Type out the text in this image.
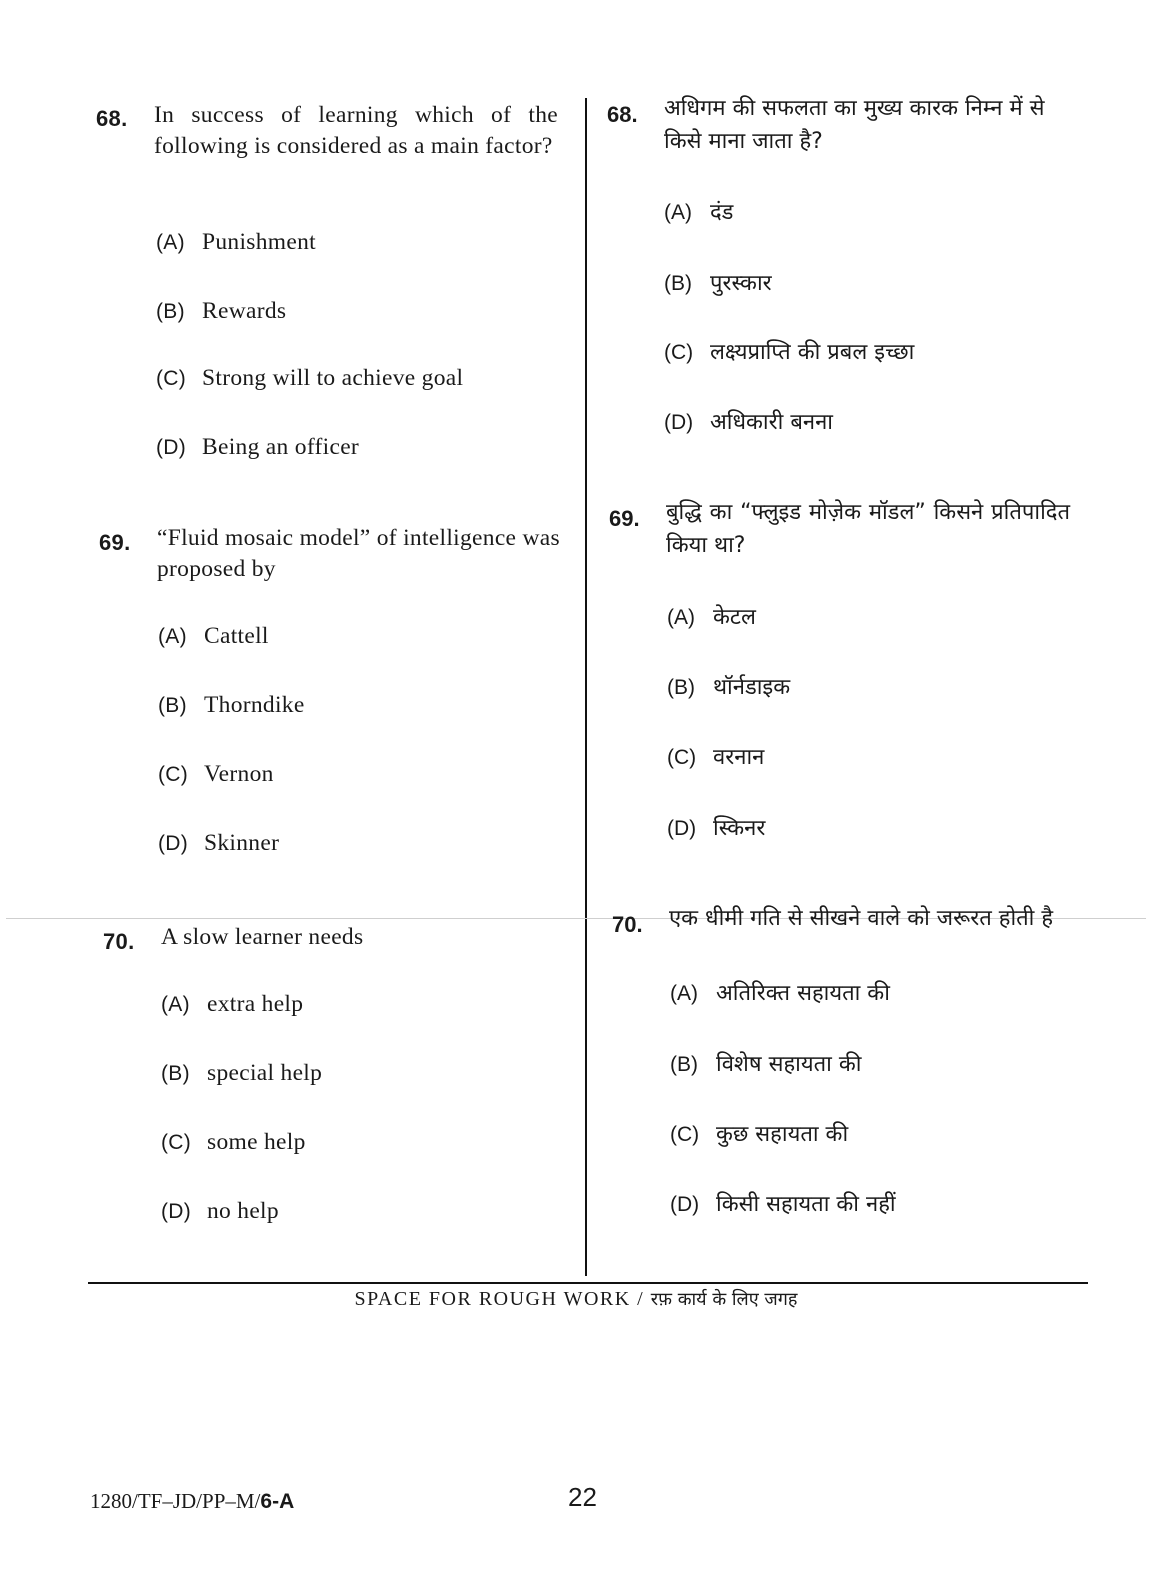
68. In success of learning which of the following is considered as a main factor?
(A) Punishment
(B) Rewards
(C) Strong will to achieve goal
(D) Being an officer
69. “Fluid mosaic model” of intelligence was proposed by
(A) Cattell
(B) Thorndike
(C) Vernon
(D) Skinner
70. A slow learner needs
(A) extra help
(B) special help
(C) some help
(D) no help
68. अधिगम की सफलता का मुख्य कारक निम्न में से किसे माना जाता है?
(A) दंड
(B) पुरस्कार
(C) लक्ष्यप्राप्ति की प्रबल इच्छा
(D) अधिकारी बनना
69. बुद्धि का “फ्लुइड मोज़ेक मॉडल” किसने प्रतिपादित किया था?
(A) केटल
(B) थॉर्नडाइक
(C) वरनान
(D) स्किनर
70. एक धीमी गति से सीखने वाले को जरूरत होती है
(A) अतिरिक्त सहायता की
(B) विशेष सहायता की
(C) कुछ सहायता की
(D) किसी सहायता की नहीं
SPACE FOR ROUGH WORK / रफ़ कार्य के लिए जगह
1280/TF–JD/PP–M/6-A	22
